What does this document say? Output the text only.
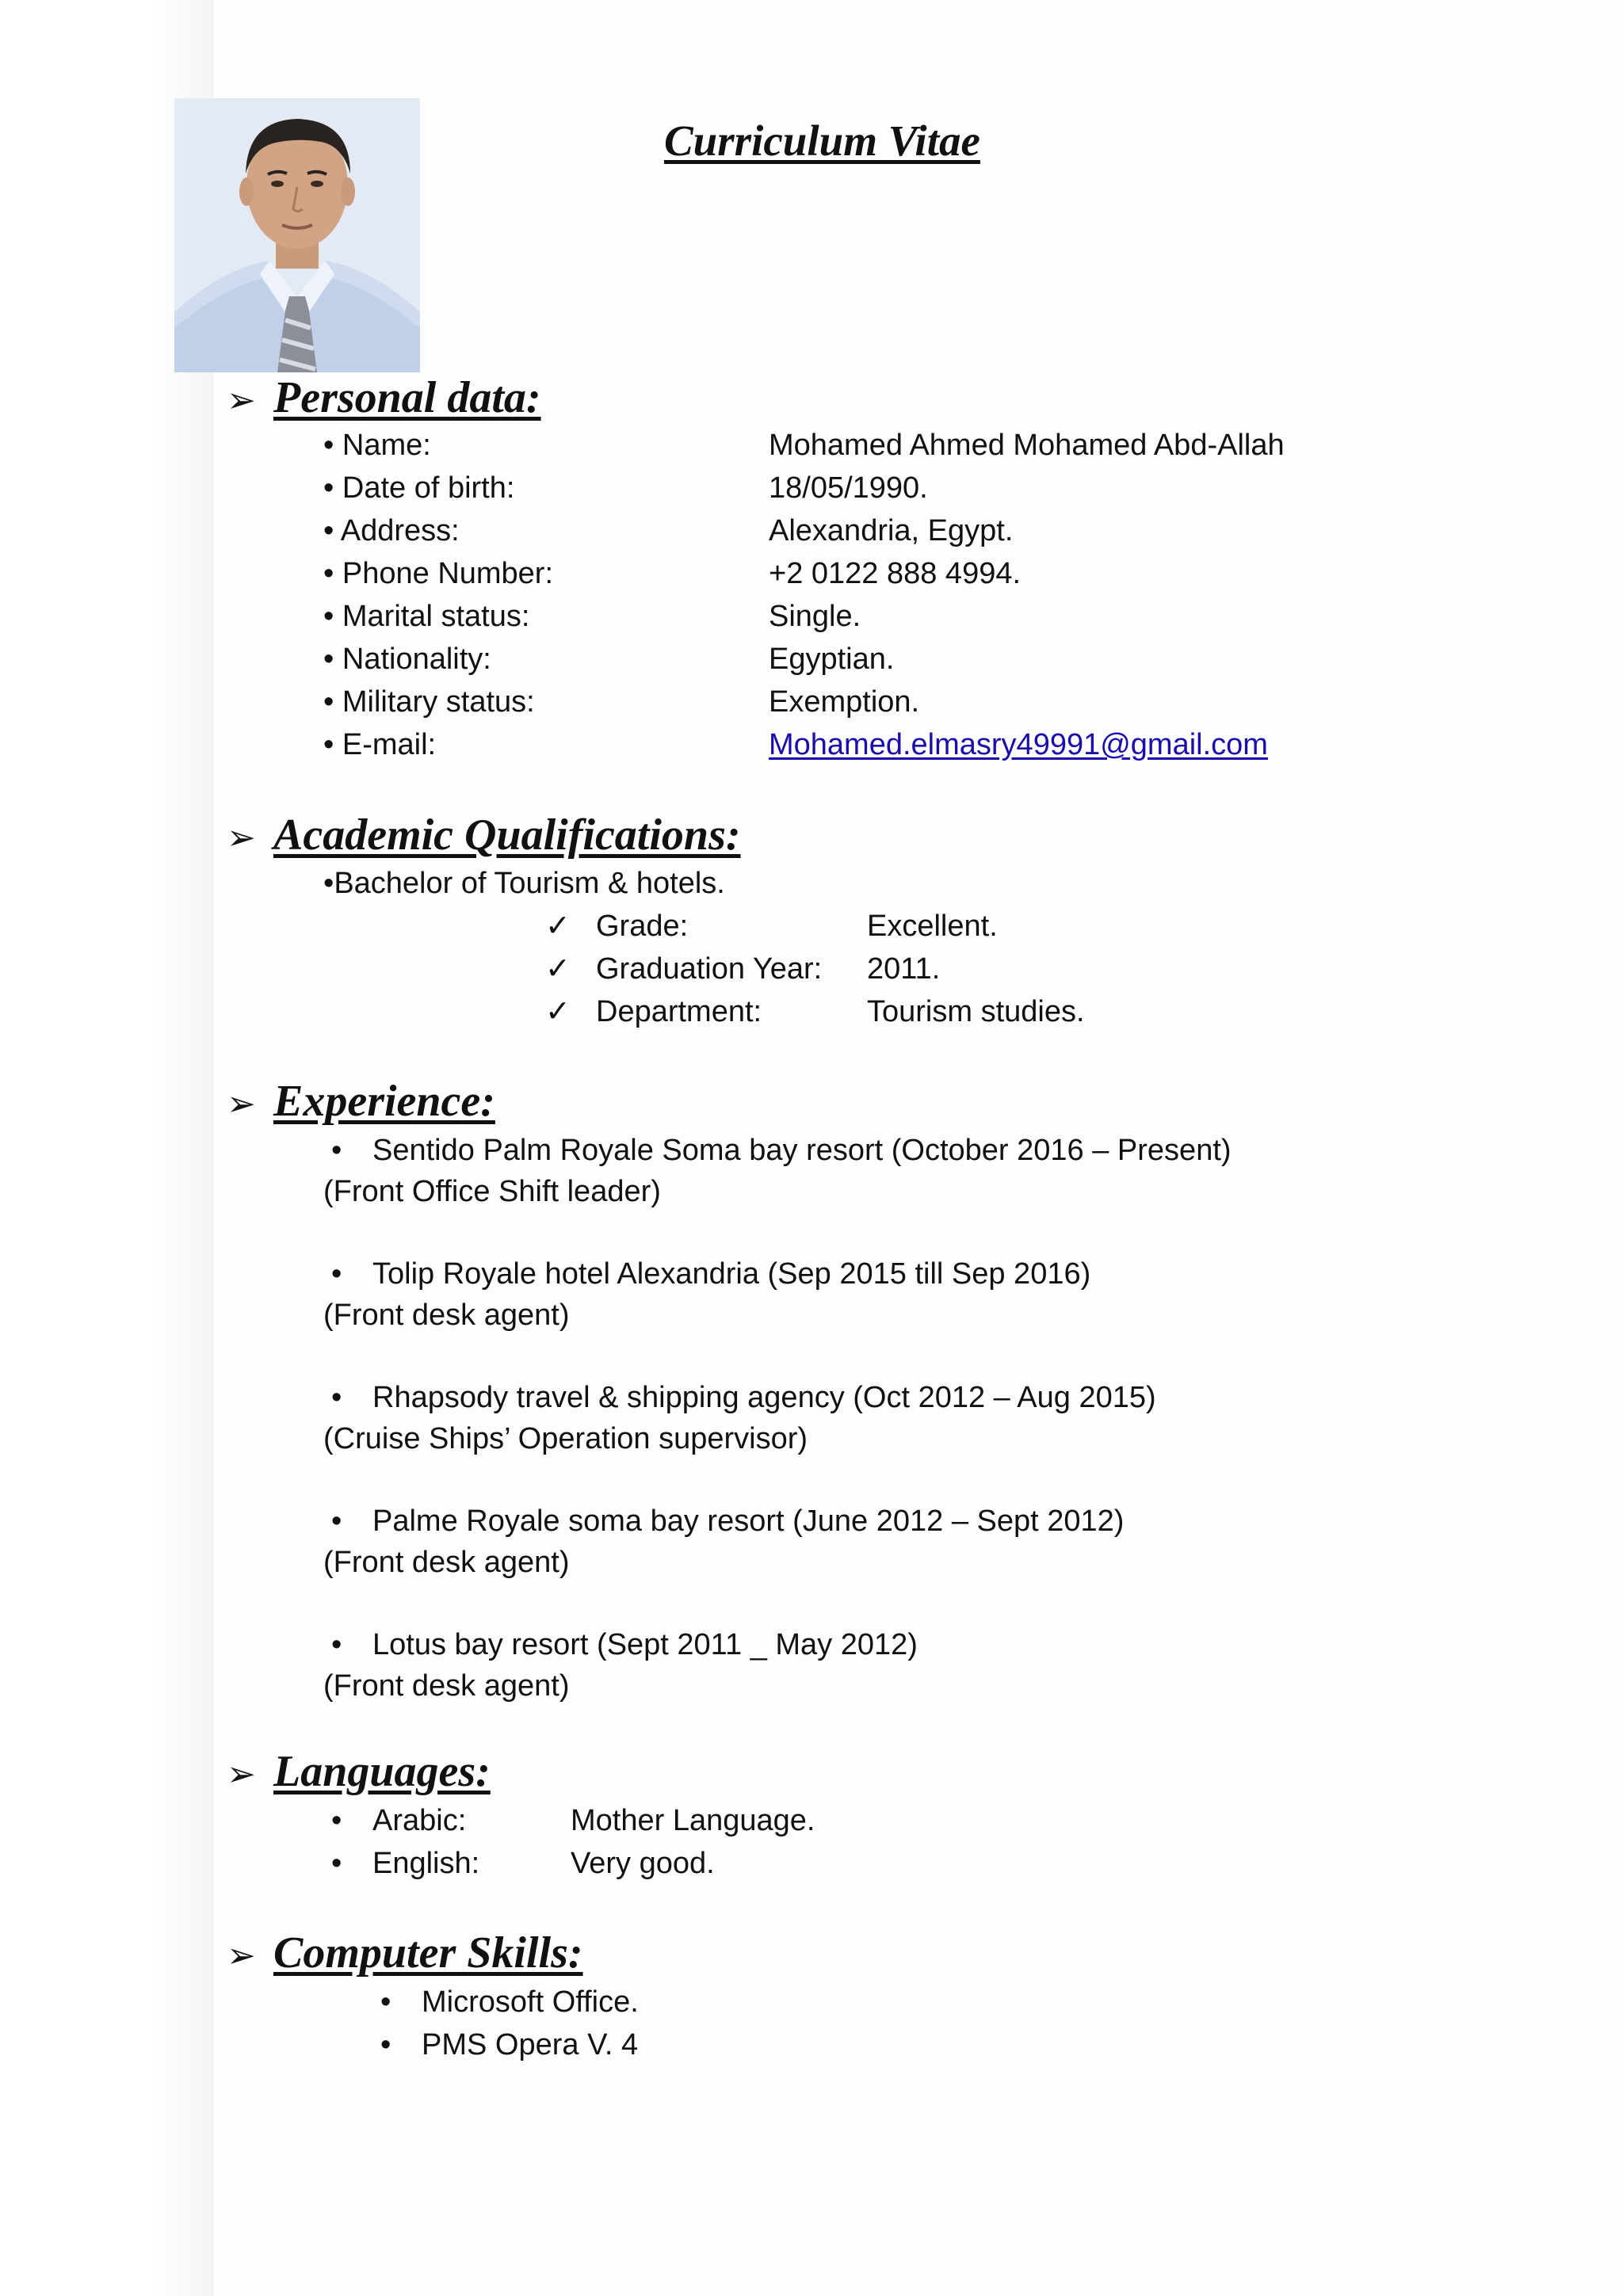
Curriculum Vitae
➢ Personal data:
• Name:	Mohamed Ahmed Mohamed Abd-Allah
• Date of birth:	18/05/1990.
• Address:	Alexandria, Egypt.
• Phone Number:	+2 0122 888 4994.
• Marital status:	Single.
• Nationality:	Egyptian.
• Military status:	Exemption.
• E-mail:	Mohamed.elmasry49991@gmail.com
➢ Academic Qualifications:
•Bachelor of Tourism & hotels.
✓ Grade:	Excellent.
✓ Graduation Year: 2011.
✓ Department:	Tourism studies.
➢ Experience:
• Sentido Palm Royale Soma bay resort (October 2016 – Present)
(Front Office Shift leader)
• Tolip Royale hotel Alexandria (Sep 2015 till Sep 2016)
(Front desk agent)
• Rhapsody travel & shipping agency (Oct 2012 – Aug 2015)
(Cruise Ships’ Operation supervisor)
• Palme Royale soma bay resort (June 2012 – Sept 2012)
(Front desk agent)
• Lotus bay resort (Sept 2011 _ May 2012)
(Front desk agent)
➢ Languages:
• Arabic:	Mother Language.
• English:	Very good.
➢ Computer Skills:
• Microsoft Office.
• PMS Opera V. 4
